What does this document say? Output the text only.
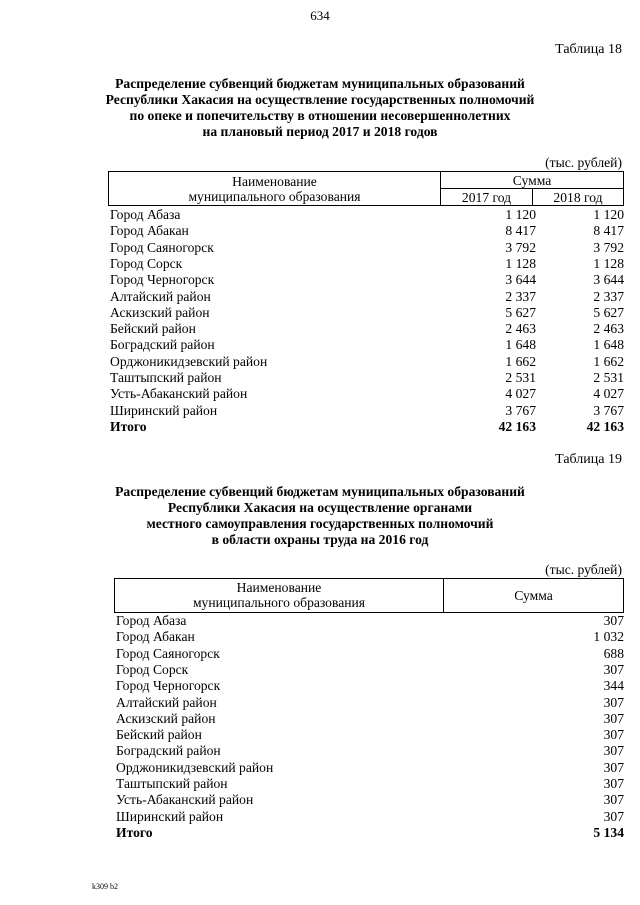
634
Таблица 18
Распределение субвенций бюджетам муниципальных образований
Республики Хакасия на осуществление государственных полномочий
по опеке и попечительству в отношении несовершеннолетних
на плановый период 2017 и 2018 годов
(тыс. рублей)
Наименование
муниципального образования
Сумма
2017 год	2018 год
Город Абаза	1 120	1 120
Город Абакан	8 417	8 417
Город Саяногорск	3 792	3 792
Город Сорск	1 128	1 128
Город Черногорск	3 644	3 644
Алтайский район	2 337	2 337
Аскизский район	5 627	5 627
Бейский район	2 463	2 463
Боградский район	1 648	1 648
Орджоникидзевский район	1 662	1 662
Таштыпский район	2 531	2 531
Усть-Абаканский район	4 027	4 027
Ширинский район	3 767	3 767
Итого	42 163	42 163
Таблица 19
Распределение субвенций бюджетам муниципальных образований
Республики Хакасия на осуществление органами
местного самоуправления государственных полномочий
в области охраны труда на 2016 год
(тыс. рублей)
Наименование
муниципального образования	Сумма
Город Абаза	307
Город Абакан	1 032
Город Саяногорск	688
Город Сорск	307
Город Черногорск	344
Алтайский район	307
Аскизский район	307
Бейский район	307
Боградский район	307
Орджоникидзевский район	307
Таштыпский район	307
Усть-Абаканский район	307
Ширинский район	307
Итого	5 134
k309 b2
